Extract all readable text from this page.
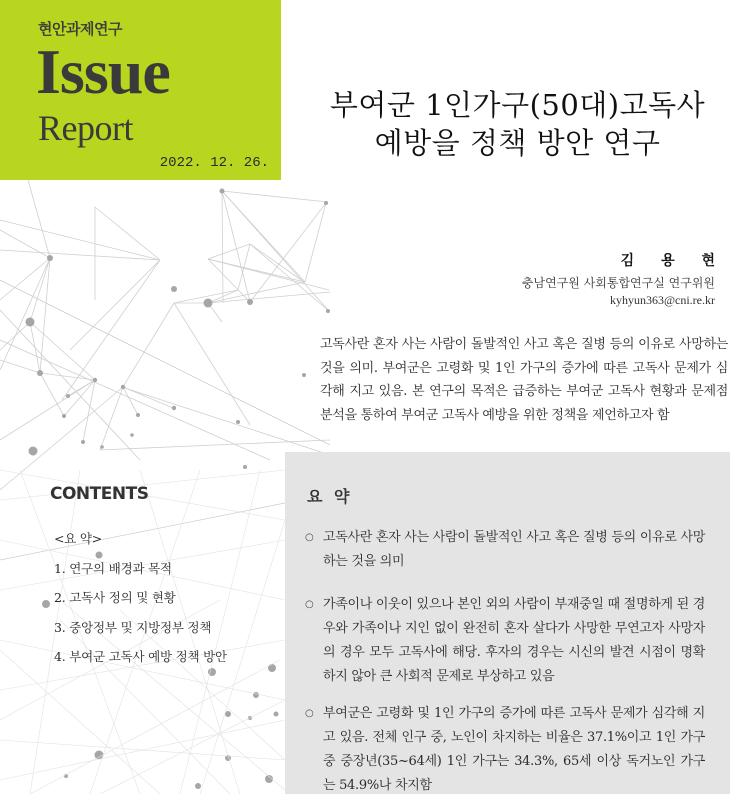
현안과제연구
Issue
Report
2022. 12. 26.
부여군 1인가구(50대)고독사
예방을 정책 방안 연구
김 용 현
충남연구원 사회통합연구실 연구위원
kyhyun363@cni.re.kr
고독사란 혼자 사는 사람이 돌발적인 사고 혹은 질병 등의 이유로 사망하는 것을 의미. 부여군은 고령화 및 1인 가구의 증가에 따른 고독사 문제가 심각해 지고 있음. 본 연구의 목적은 급증하는 부여군 고독사 현황과 문제점 분석을 통하여 부여군 고독사 예방을 위한 정책을 제언하고자 함
CONTENTS
<요 약>
1. 연구의 배경과 목적
2. 고독사 정의 및 현황
3. 중앙정부 및 지방정부 정책
4. 부여군 고독사 예방 정책 방안
요 약
○ 고독사란 혼자 사는 사람이 돌발적인 사고 혹은 질병 등의 이유로 사망하는 것을 의미
○ 가족이나 이웃이 있으나 본인 외의 사람이 부재중일 때 절명하게 된 경우와 가족이나 지인 없이 완전히 혼자 살다가 사망한 무연고자 사망자의 경우 모두 고독사에 해당. 후자의 경우는 시신의 발견 시점이 명확하지 않아 큰 사회적 문제로 부상하고 있음
○ 부여군은 고령화 및 1인 가구의 증가에 따른 고독사 문제가 심각해 지고 있음. 전체 인구 중, 노인이 차지하는 비율은 37.1%이고 1인 가구 중 중장년(35~64세) 1인 가구는 34.3%, 65세 이상 독거노인 가구는 54.9%나 차지함
